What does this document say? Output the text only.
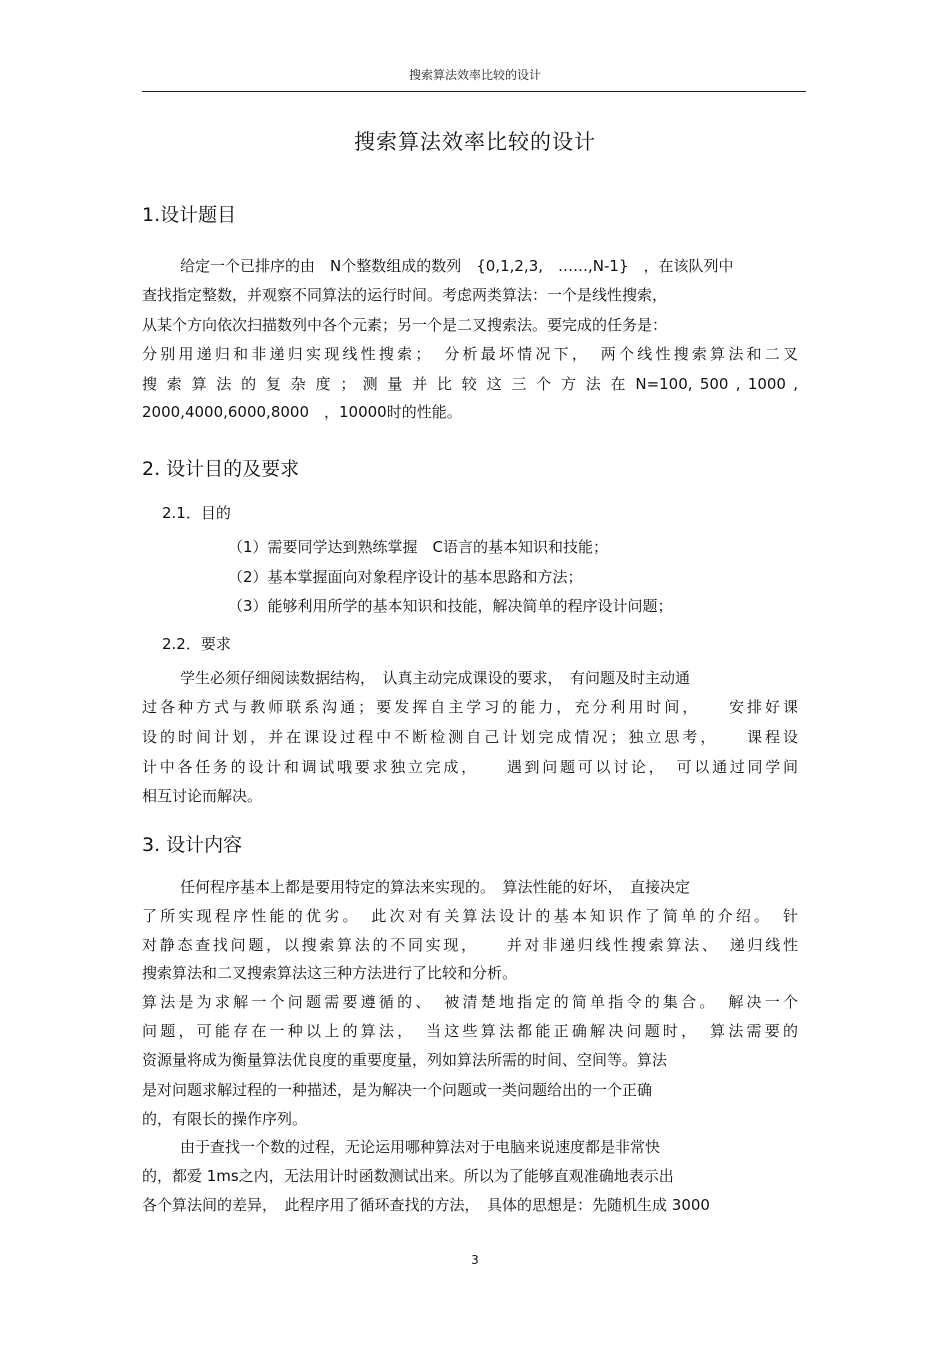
搜索算法效率比较的设计
搜索算法效率比较的设计
1.设计题目
给定一个已排序的由　N个整数组成的数列　{0,1,2,3,　……,N-1}　，在该队列中
查找指定整数，并观察不同算法的运行时间。考虑两类算法：一个是线性搜索，
从某个方向依次扫描数列中各个元素；另一个是二叉搜索法。要完成的任务是：
分别用递归和非递归实现线性搜索；　分析最坏情况下，　两个线性搜索算法和二叉
搜 索 算 法 的 复 杂 度 ； 测 量 并 比 较 这 三 个 方 法 在 N=100, 500 , 1000 ,
2000,4000,6000,8000　，10000时的性能。
2. 设计目的及要求
2.1．目的
（1）需要同学达到熟练掌握　C语言的基本知识和技能；
（2）基本掌握面向对象程序设计的基本思路和方法；
（3）能够利用所学的基本知识和技能，解决简单的程序设计问题；
2.2．要求
学生必须仔细阅读数据结构，　认真主动完成课设的要求，　有问题及时主动通
过各种方式与教师联系沟通；要发挥自主学习的能力，充分利用时间，　　安排好课
设的时间计划，并在课设过程中不断检测自己计划完成情况；独立思考，　　课程设
计中各任务的设计和调试哦要求独立完成，　　遇到问题可以讨论，　可以通过同学间
相互讨论而解决。
3. 设计内容
任何程序基本上都是要用特定的算法来实现的。　算法性能的好坏，　直接决定
了所实现程序性能的优劣。　此次对有关算法设计的基本知识作了简单的介绍。　针
对静态查找问题，以搜索算法的不同实现，　　并对非递归线性搜索算法、　递归线性
搜索算法和二叉搜索算法这三种方法进行了比较和分析。
算法是为求解一个问题需要遵循的、　被清楚地指定的简单指令的集合。　解决一个
问题，可能存在一种以上的算法，　当这些算法都能正确解决问题时，　算法需要的
资源量将成为衡量算法优良度的重要度量，列如算法所需的时间、空间等。算法
是对问题求解过程的一种描述，是为解决一个问题或一类问题给出的一个正确
的，有限长的操作序列。
由于查找一个数的过程，无论运用哪种算法对于电脑来说速度都是非常快
的，都爱 1ms之内，无法用计时函数测试出来。所以为了能够直观准确地表示出
各个算法间的差异，　此程序用了循环查找的方法，　具体的思想是：先随机生成 3000
3
